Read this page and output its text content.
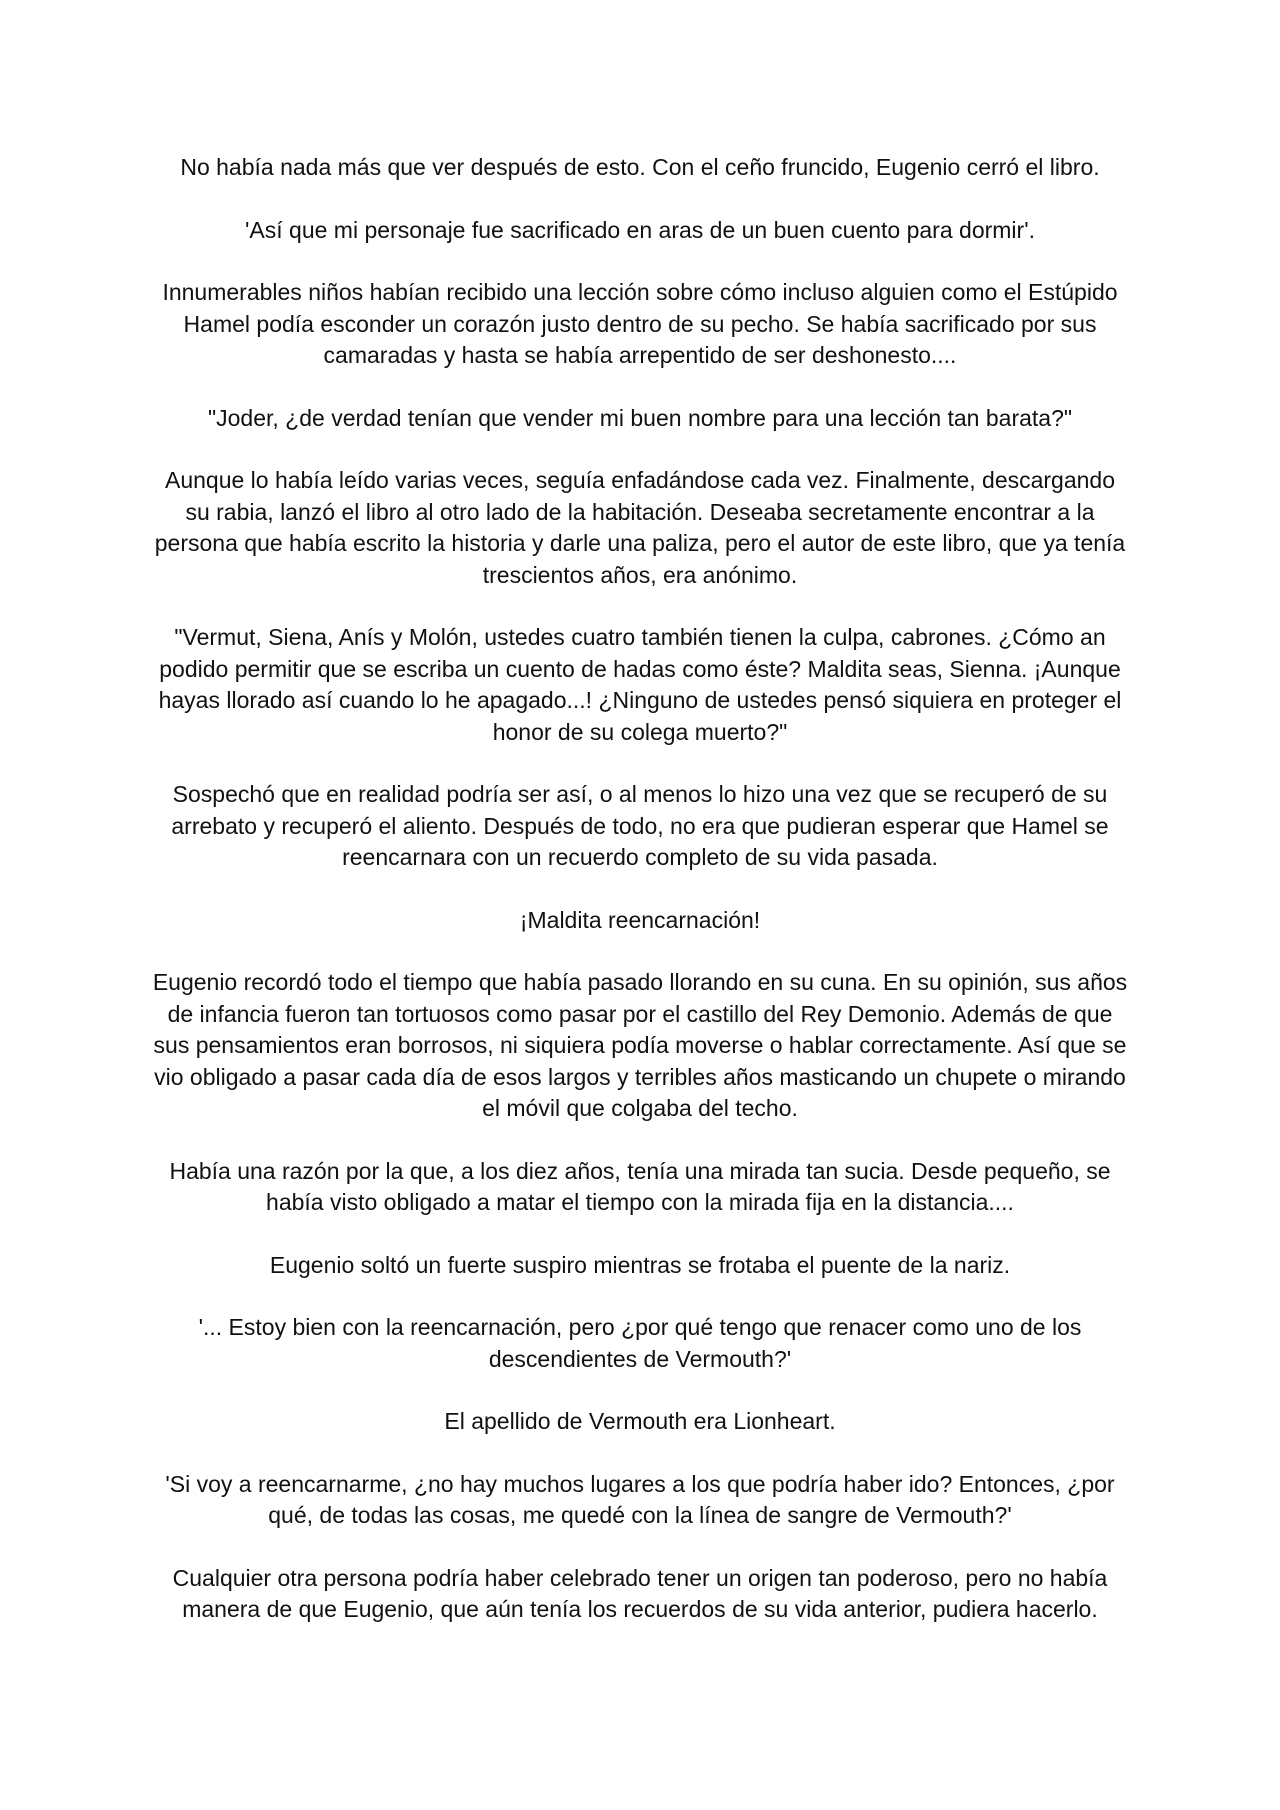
No había nada más que ver después de esto. Con el ceño fruncido, Eugenio cerró el libro.

'Así que mi personaje fue sacrificado en aras de un buen cuento para dormir'.

Innumerables niños habían recibido una lección sobre cómo incluso alguien como el Estúpido Hamel podía esconder un corazón justo dentro de su pecho. Se había sacrificado por sus camaradas y hasta se había arrepentido de ser deshonesto....

"Joder, ¿de verdad tenían que vender mi buen nombre para una lección tan barata?"

Aunque lo había leído varias veces, seguía enfadándose cada vez. Finalmente, descargando su rabia, lanzó el libro al otro lado de la habitación. Deseaba secretamente encontrar a la persona que había escrito la historia y darle una paliza, pero el autor de este libro, que ya tenía trescientos años, era anónimo.

"Vermut, Siena, Anís y Molón, ustedes cuatro también tienen la culpa, cabrones. ¿Cómo an podido permitir que se escriba un cuento de hadas como éste? Maldita seas, Sienna. ¡Aunque hayas llorado así cuando lo he apagado...! ¿Ninguno de ustedes pensó siquiera en proteger el honor de su colega muerto?"

Sospechó que en realidad podría ser así, o al menos lo hizo una vez que se recuperó de su arrebato y recuperó el aliento. Después de todo, no era que pudieran esperar que Hamel se reencarnara con un recuerdo completo de su vida pasada.

¡Maldita reencarnación!

Eugenio recordó todo el tiempo que había pasado llorando en su cuna. En su opinión, sus años de infancia fueron tan tortuosos como pasar por el castillo del Rey Demonio. Además de que sus pensamientos eran borrosos, ni siquiera podía moverse o hablar correctamente. Así que se vio obligado a pasar cada día de esos largos y terribles años masticando un chupete o mirando el móvil que colgaba del techo.

Había una razón por la que, a los diez años, tenía una mirada tan sucia. Desde pequeño, se había visto obligado a matar el tiempo con la mirada fija en la distancia....

Eugenio soltó un fuerte suspiro mientras se frotaba el puente de la nariz.

'... Estoy bien con la reencarnación, pero ¿por qué tengo que renacer como uno de los descendientes de Vermouth?'

El apellido de Vermouth era Lionheart.

'Si voy a reencarnarme, ¿no hay muchos lugares a los que podría haber ido? Entonces, ¿por qué, de todas las cosas, me quedé con la línea de sangre de Vermouth?'

Cualquier otra persona podría haber celebrado tener un origen tan poderoso, pero no había manera de que Eugenio, que aún tenía los recuerdos de su vida anterior, pudiera hacerlo.
